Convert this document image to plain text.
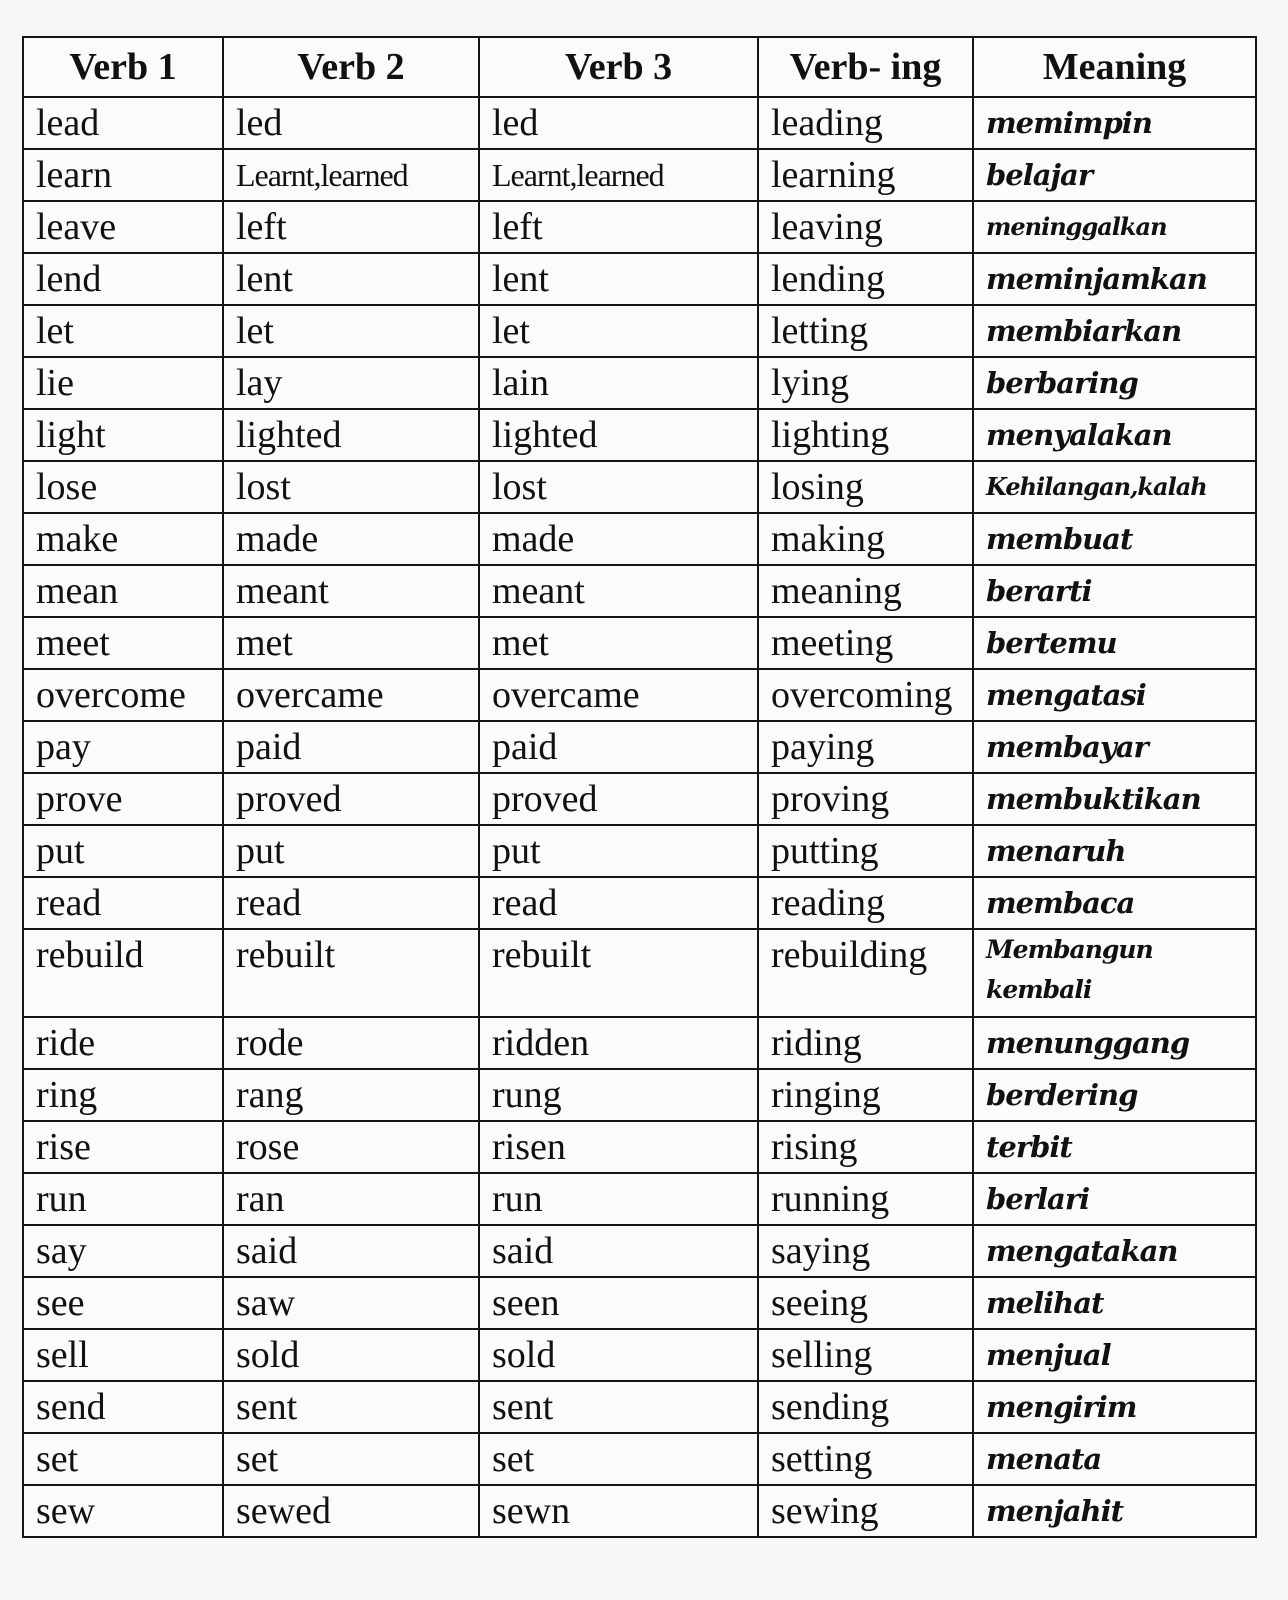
Verb 1	Verb 2	Verb 3	Verb- ing	Meaning
lead	led	led	leading	memimpin
learn	Learnt,learned	Learnt,learned	learning	belajar
leave	left	left	leaving	meninggalkan
lend	lent	lent	lending	meminjamkan
let	let	let	letting	membiarkan
lie	lay	lain	lying	berbaring
light	lighted	lighted	lighting	menyalakan
lose	lost	lost	losing	Kehilangan,kalah
make	made	made	making	membuat
mean	meant	meant	meaning	berarti
meet	met	met	meeting	bertemu
overcome	overcame	overcame	overcoming	mengatasi
pay	paid	paid	paying	membayar
prove	proved	proved	proving	membuktikan
put	put	put	putting	menaruh
read	read	read	reading	membaca
rebuild	rebuilt	rebuilt	rebuilding	Membangun kembali
ride	rode	ridden	riding	menunggang
ring	rang	rung	ringing	berdering
rise	rose	risen	rising	terbit
run	ran	run	running	berlari
say	said	said	saying	mengatakan
see	saw	seen	seeing	melihat
sell	sold	sold	selling	menjual
send	sent	sent	sending	mengirim
set	set	set	setting	menata
sew	sewed	sewn	sewing	menjahit
